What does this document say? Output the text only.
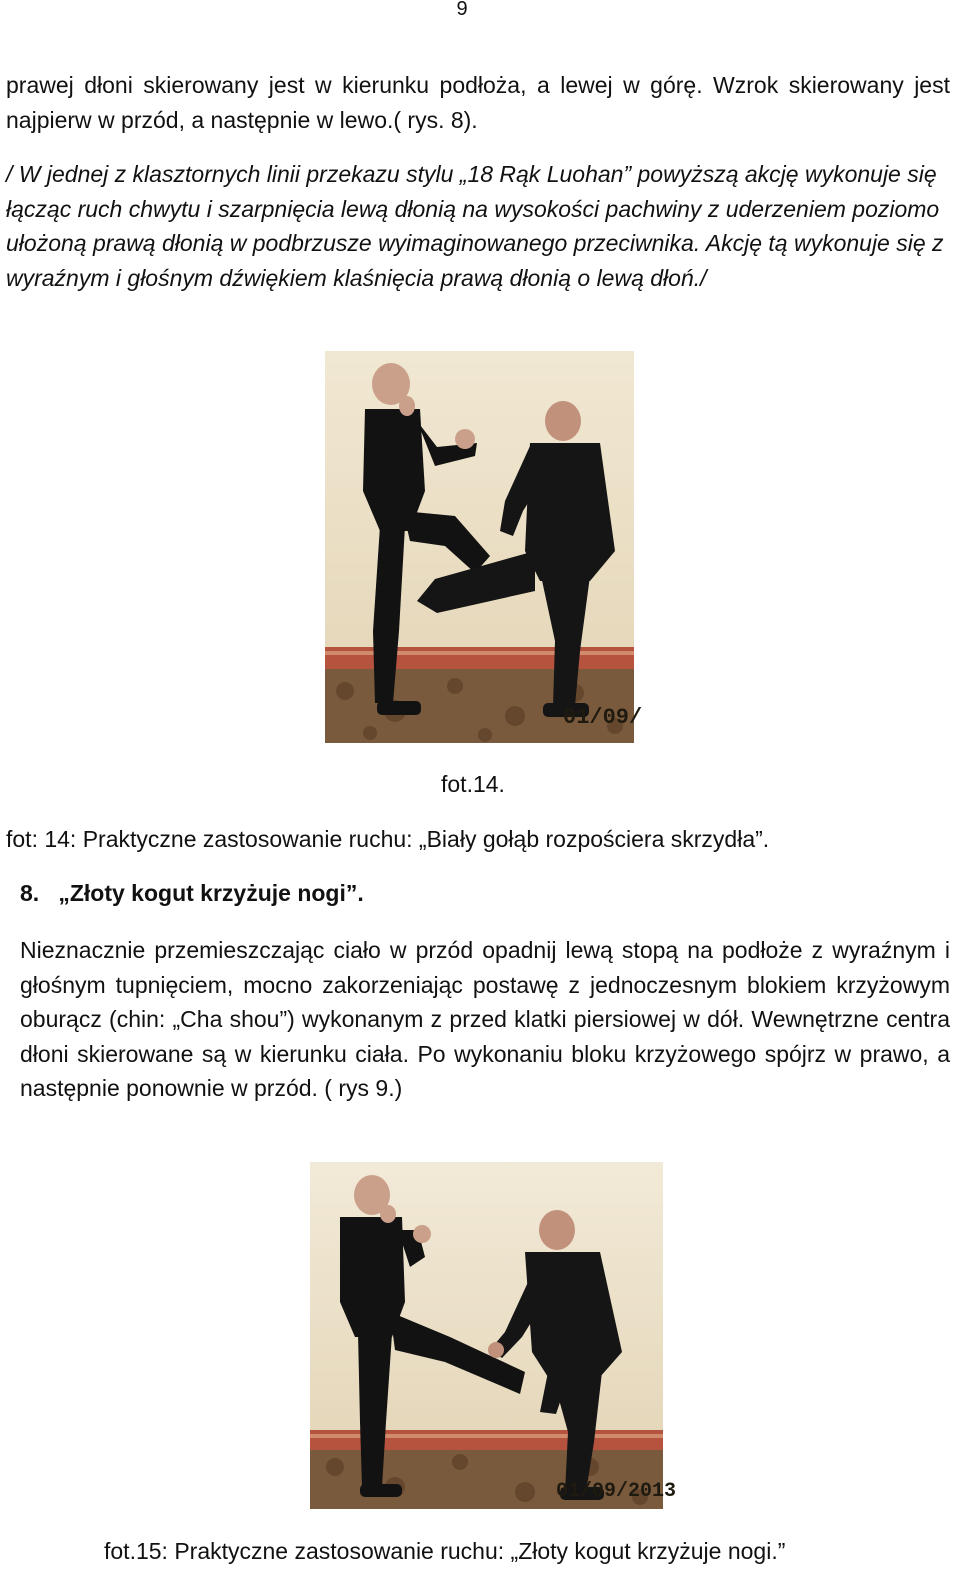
9

prawej dłoni skierowany jest w kierunku podłoża, a lewej w górę. Wzrok skierowany jest najpierw w przód, a następnie w lewo.( rys. 8).

/ W jednej z klasztornych linii przekazu stylu „18 Rąk Luohan” powyższą akcję wykonuje się łącząc ruch chwytu i szarpnięcia lewą dłonią na wysokości pachwiny z uderzeniem poziomo ułożoną prawą dłonią w podbrzusze wyimaginowanego przeciwnika. Akcję tą wykonuje się z wyraźnym i głośnym dźwiękiem klaśnięcia prawą dłonią o lewą dłoń./

01/09/
fot.14.
fot: 14: Praktyczne zastosowanie ruchu: „Biały gołąb rozpościera skrzydła”.
8.   „Złoty kogut krzyżuje nogi”.

Nieznacznie przemieszczając ciało w przód opadnij lewą stopą na podłoże z wyraźnym i głośnym tupnięciem, mocno zakorzeniając postawę z jednoczesnym blokiem krzyżowym oburącz (chin: „Cha shou”) wykonanym z przed klatki piersiowej w dół. Wewnętrzne centra dłoni skierowane są w kierunku ciała. Po wykonaniu bloku krzyżowego spójrz w prawo, a następnie ponownie w przód. ( rys 9.)

01/09/2013
fot.15: Praktyczne zastosowanie ruchu: „Złoty kogut krzyżuje nogi.”
